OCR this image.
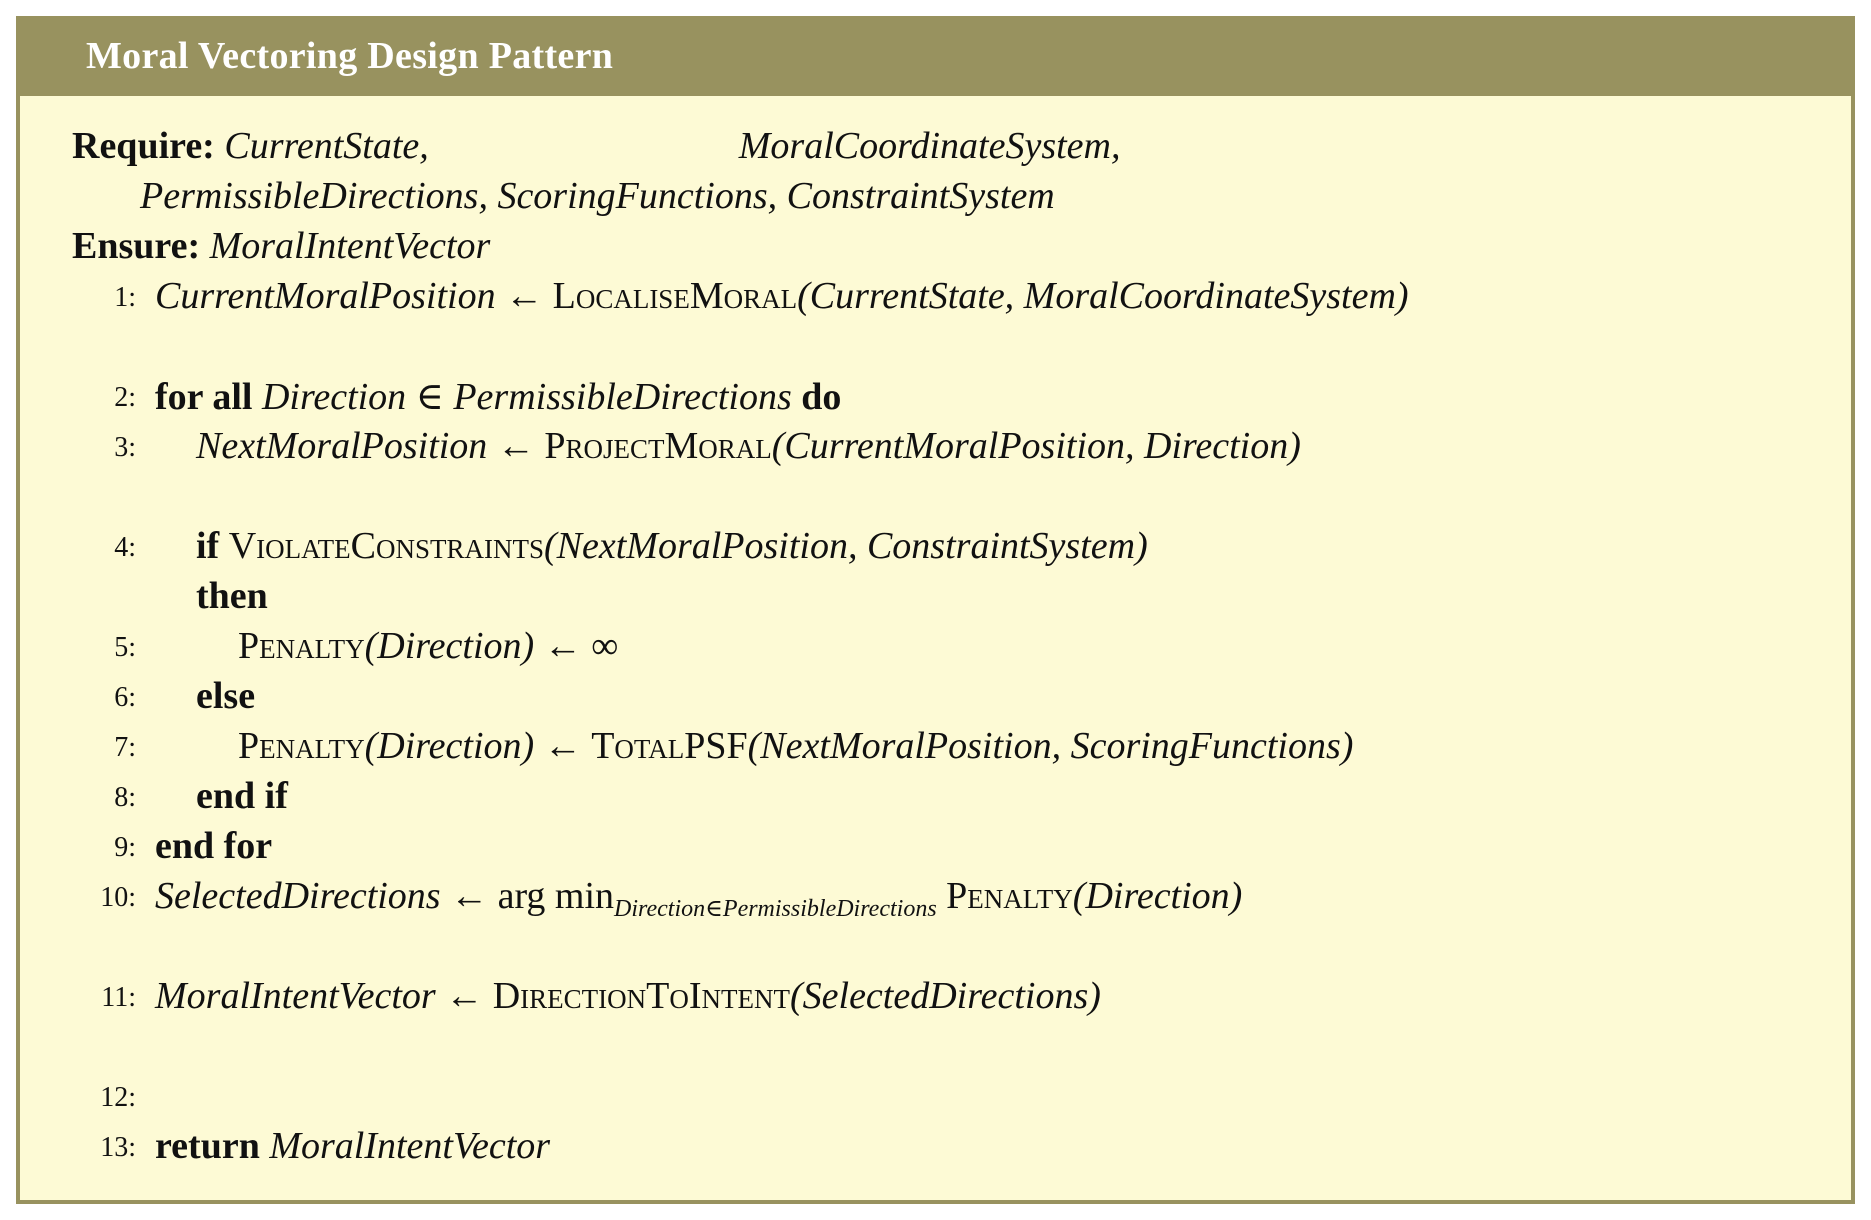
Moral Vectoring Design Pattern
Require: CurrentState,	MoralCoordinateSystem,
PermissibleDirections, ScoringFunctions, ConstraintSystem
Ensure: MoralIntentVector
1: CurrentMoralPosition ← LocaliseMoral(CurrentState, MoralCoordinateSystem)
2: for all Direction ∈ PermissibleDirections do
3: NextMoralPosition ← ProjectMoral(CurrentMoralPosition, Direction)
4: if ViolateConstraints(NextMoralPosition, ConstraintSystem)
then
5:	Penalty(Direction) ← ∞
6: else
7:	Penalty(Direction) ← TotalPSF(NextMoralPosition, ScoringFunctions)
8: end if
9: end for
10: SelectedDirections ← arg $\min_{Direction\in PermissibleDirections}$ Penalty(Direction)
11: MoralIntentVector ← DirectionToIntent(SelectedDirections)
12:
13: return MoralIntentVector
